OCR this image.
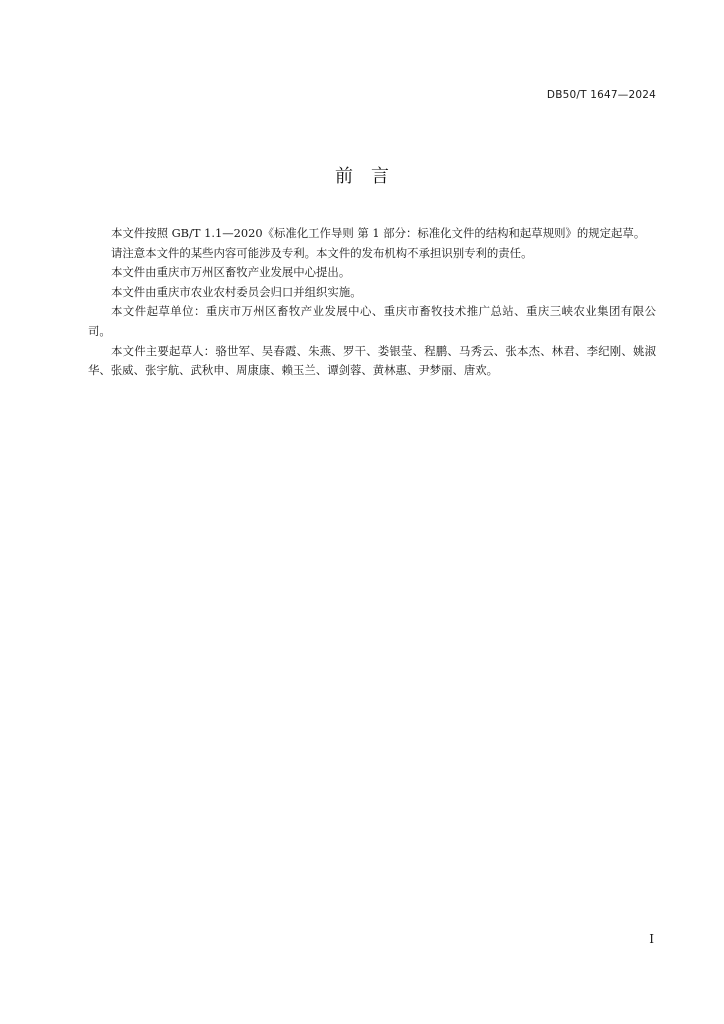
DB50/T 1647—2024
前言

本文件按照 GB/T 1.1—2020《标准化工作导则 第 1 部分：标准化文件的结构和起草规则》的规定起草。

请注意本文件的某些内容可能涉及专利。本文件的发布机构不承担识别专利的责任。

本文件由重庆市万州区畜牧产业发展中心提出。

本文件由重庆市农业农村委员会归口并组织实施。

本文件起草单位：重庆市万州区畜牧产业发展中心、重庆市畜牧技术推广总站、重庆三峡农业集团有限公司。

本文件主要起草人：骆世军、吴春霞、朱燕、罗干、娄银莹、程鹏、马秀云、张本杰、林君、李纪刚、姚淑华、张威、张宇航、武秋申、周康康、赖玉兰、谭剑蓉、黄林惠、尹梦丽、唐欢。

I
